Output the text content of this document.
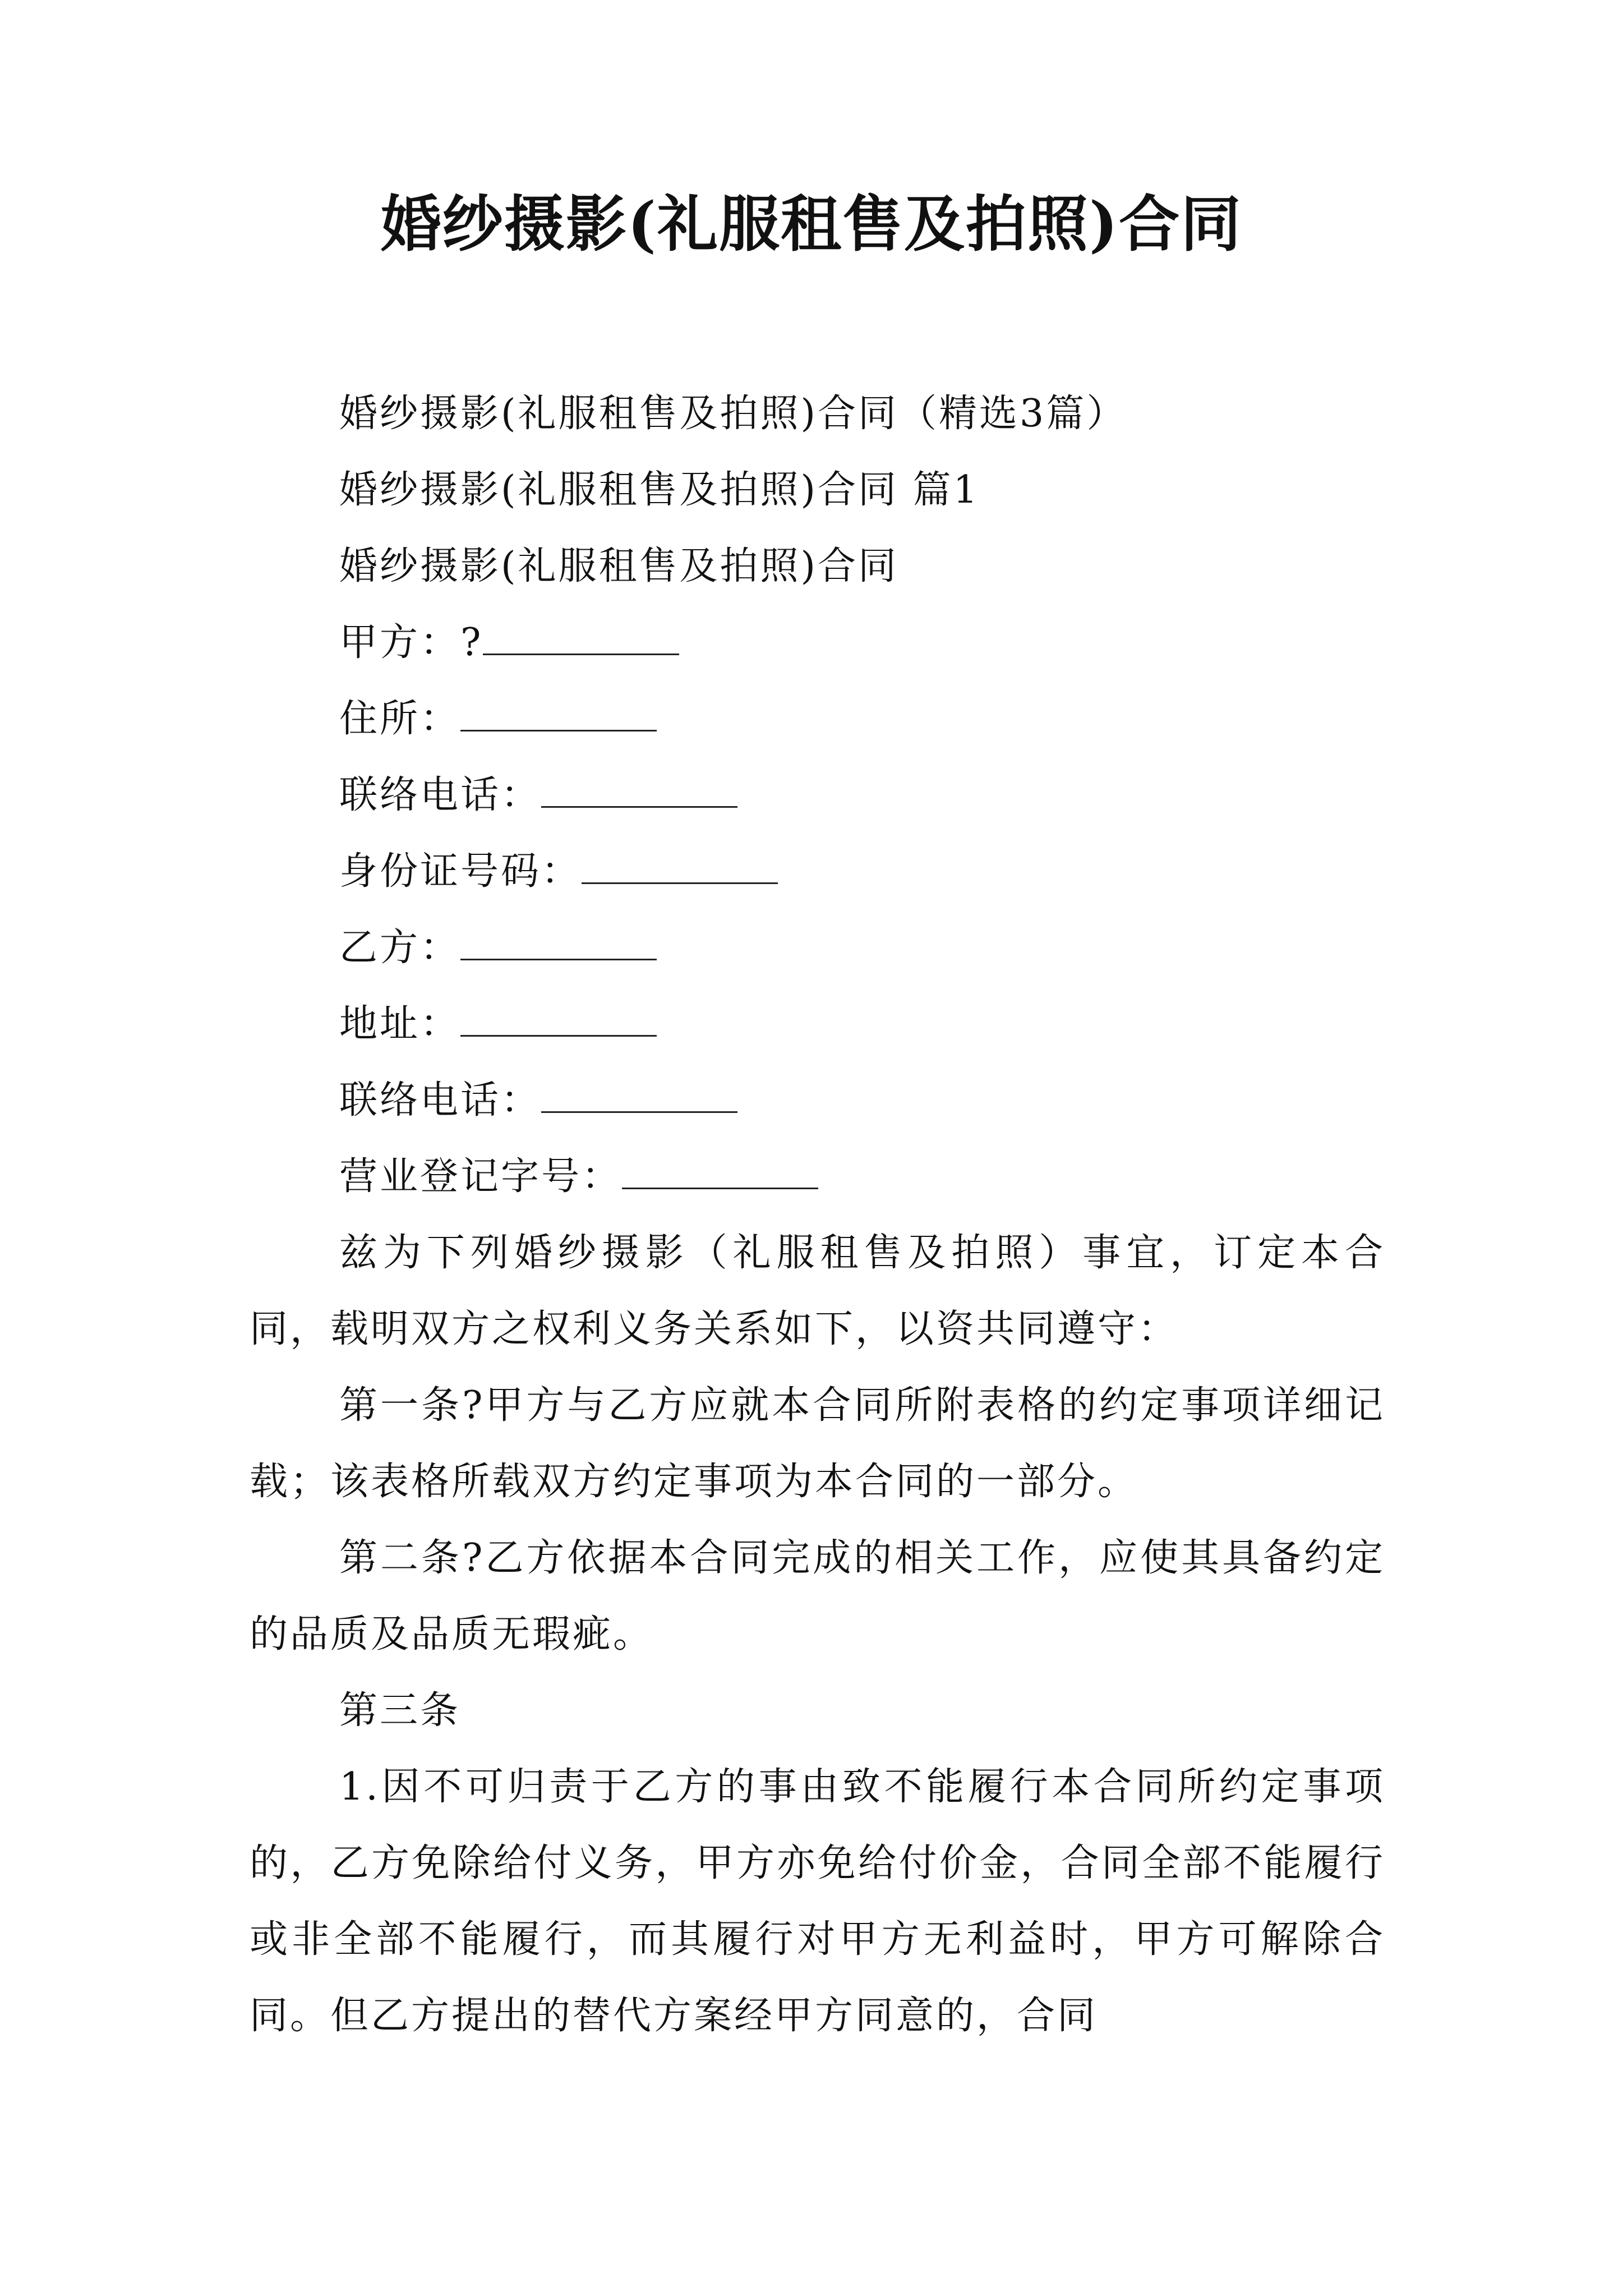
婚纱摄影(礼服租售及拍照)合同
婚纱摄影(礼服租售及拍照)合同（精选3篇）
婚纱摄影(礼服租售及拍照)合同 篇1
婚纱摄影(礼服租售及拍照)合同
甲方：?
住所：
联络电话：
身份证号码：
乙方：
地址：
联络电话：
营业登记字号：

兹为下列婚纱摄影（礼服租售及拍照）事宜，订定本合同，载明双方之权利义务关系如下，以资共同遵守：

第一条?甲方与乙方应就本合同所附表格的约定事项详细记载；该表格所载双方约定事项为本合同的一部分。

第二条?乙方依据本合同完成的相关工作，应使其具备约定的品质及品质无瑕疵。

第三条

1.因不可归责于乙方的事由致不能履行本合同所约定事项的，乙方免除给付义务，甲方亦免给付价金，合同全部不能履行或非全部不能履行，而其履行对甲方无利益时，甲方可解除合同。但乙方提出的替代方案经甲方同意的，合同
